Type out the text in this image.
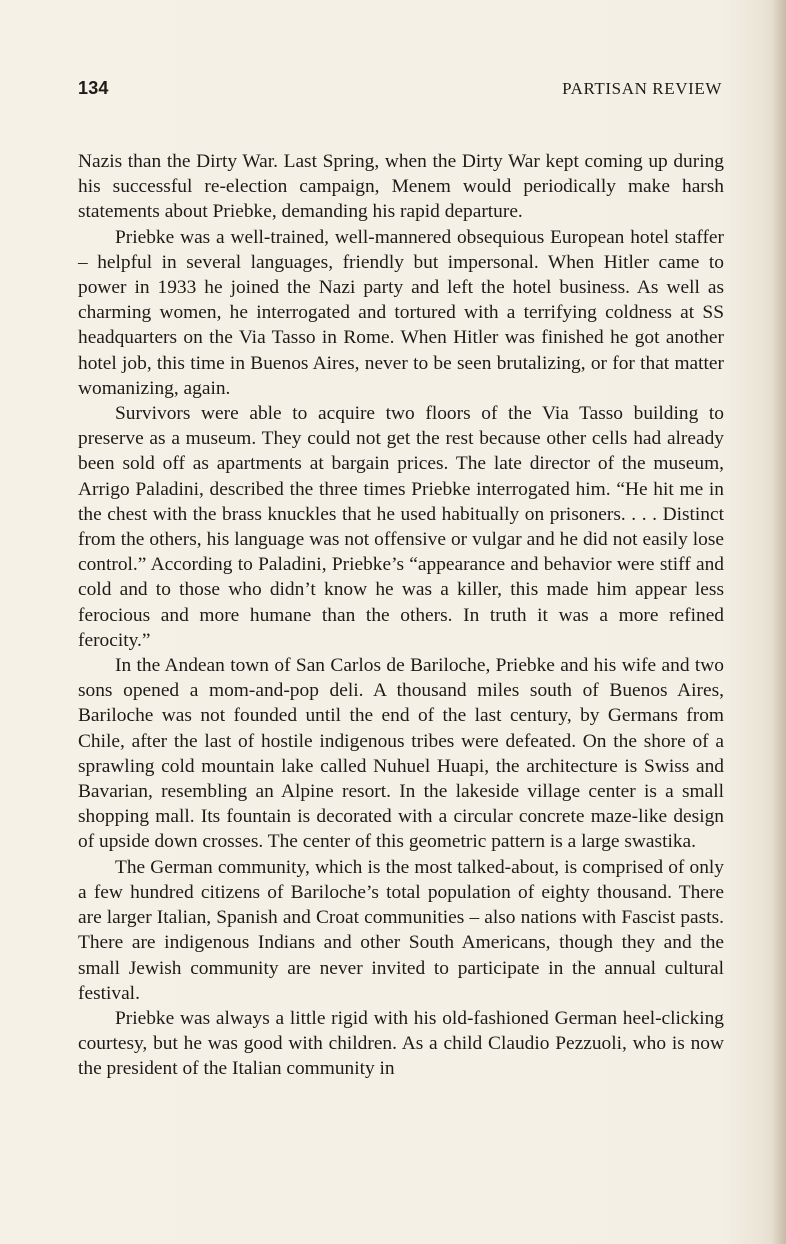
134	PARTISAN REVIEW

Nazis than the Dirty War. Last Spring, when the Dirty War kept coming up during his successful re-election campaign, Menem would periodically make harsh statements about Priebke, demanding his rapid departure.

Priebke was a well-trained, well-mannered obsequious European hotel staffer – helpful in several languages, friendly but impersonal. When Hitler came to power in 1933 he joined the Nazi party and left the hotel business. As well as charming women, he interrogated and tortured with a terrifying coldness at SS headquarters on the Via Tasso in Rome. When Hitler was finished he got another hotel job, this time in Buenos Aires, never to be seen brutalizing, or for that matter womanizing, again.

Survivors were able to acquire two floors of the Via Tasso building to preserve as a museum. They could not get the rest because other cells had already been sold off as apartments at bargain prices. The late director of the museum, Arrigo Paladini, described the three times Priebke interrogated him. “He hit me in the chest with the brass knuckles that he used habitually on prisoners. . . . Distinct from the others, his language was not offensive or vulgar and he did not easily lose control.” According to Paladini, Priebke’s “appearance and behavior were stiff and cold and to those who didn’t know he was a killer, this made him appear less ferocious and more humane than the others. In truth it was a more refined ferocity.”

In the Andean town of San Carlos de Bariloche, Priebke and his wife and two sons opened a mom-and-pop deli. A thousand miles south of Buenos Aires, Bariloche was not founded until the end of the last century, by Germans from Chile, after the last of hostile indigenous tribes were defeated. On the shore of a sprawling cold mountain lake called Nuhuel Huapi, the architecture is Swiss and Bavarian, resembling an Alpine resort. In the lakeside village center is a small shopping mall. Its fountain is decorated with a circular concrete maze-like design of upside down crosses. The center of this geometric pattern is a large swastika.

The German community, which is the most talked-about, is comprised of only a few hundred citizens of Bariloche’s total population of eighty thousand. There are larger Italian, Spanish and Croat communities – also nations with Fascist pasts. There are indigenous Indians and other South Americans, though they and the small Jewish community are never invited to participate in the annual cultural festival.

Priebke was always a little rigid with his old-fashioned German heel-clicking courtesy, but he was good with children. As a child Claudio Pezzuoli, who is now the president of the Italian community in
